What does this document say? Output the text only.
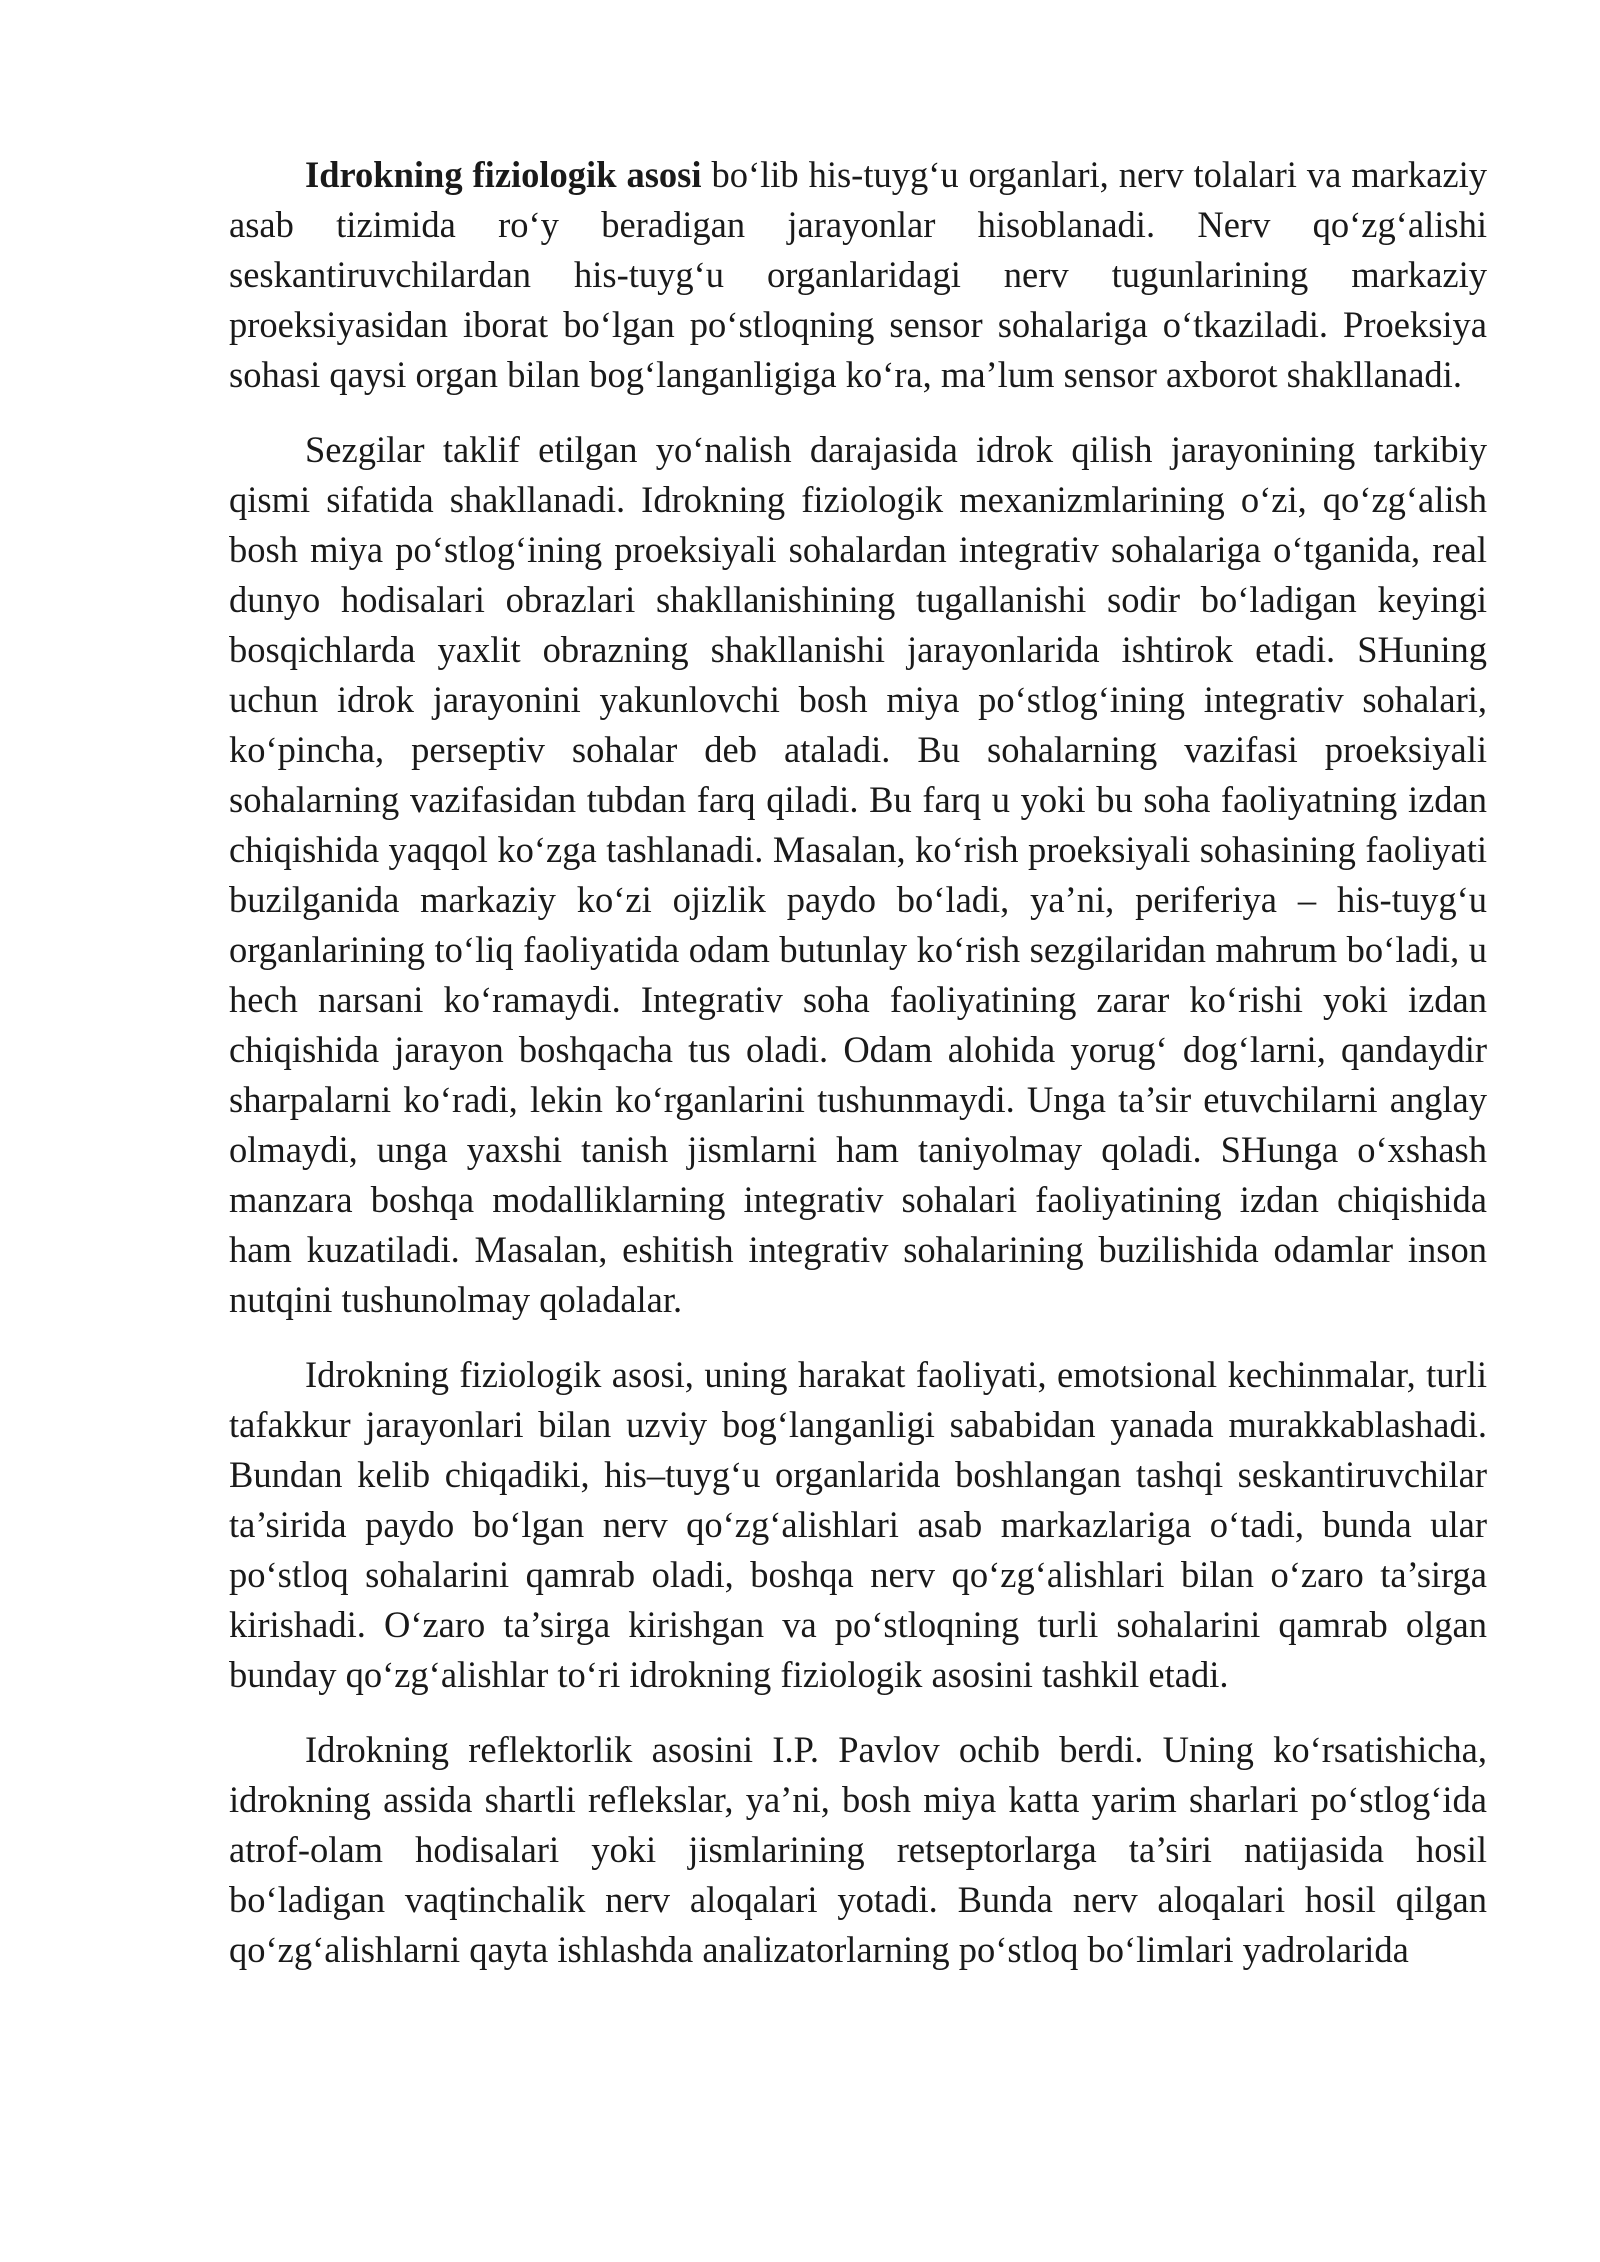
Idrokning fiziologik asosi bo‘lib his-tuyg‘u organlari, nerv tolalari va markaziy asab tizimida ro‘y beradigan jarayonlar hisoblanadi. Nerv qo‘zg‘alishi seskantiruvchilardan his-tuyg‘u organlaridagi nerv tugunlarining markaziy proeksiyasidan iborat bo‘lgan po‘stloqning sensor sohalariga o‘tkaziladi. Proeksiya sohasi qaysi organ bilan bog‘langanligiga ko‘ra, ma’lum sensor axborot shakllanadi.

Sezgilar taklif etilgan yo‘nalish darajasida idrok qilish jarayonining tarkibiy qismi sifatida shakllanadi. Idrokning fiziologik mexanizmlarining o‘zi, qo‘zg‘alish bosh miya po‘stlog‘ining proeksiyali sohalardan integrativ sohalariga o‘tganida, real dunyo hodisalari obrazlari shakllanishining tugallanishi sodir bo‘ladigan keyingi bosqichlarda yaxlit obrazning shakllanishi jarayonlarida ishtirok etadi. SHuning uchun idrok jarayonini yakunlovchi bosh miya po‘stlog‘ining integrativ sohalari, ko‘pincha, perseptiv sohalar deb ataladi. Bu sohalarning vazifasi proeksiyali sohalarning vazifasidan tubdan farq qiladi. Bu farq u yoki bu soha faoliyatning izdan chiqishida yaqqol ko‘zga tashlanadi. Masalan, ko‘rish proeksiyali sohasining faoliyati buzilganida markaziy ko‘zi ojizlik paydo bo‘ladi, ya’ni, periferiya – his-tuyg‘u organlarining to‘liq faoliyatida odam butunlay ko‘rish sezgilaridan mahrum bo‘ladi, u hech narsani ko‘ramaydi. Integrativ soha faoliyatining zarar ko‘rishi yoki izdan chiqishida jarayon boshqacha tus oladi. Odam alohida yorug‘ dog‘larni, qandaydir sharpalarni ko‘radi, lekin ko‘rganlarini tushunmaydi. Unga ta’sir etuvchilarni anglay olmaydi, unga yaxshi tanish jismlarni ham taniyolmay qoladi. SHunga o‘xshash manzara boshqa modalliklarning integrativ sohalari faoliyatining izdan chiqishida ham kuzatiladi. Masalan, eshitish integrativ sohalarining buzilishida odamlar inson nutqini tushunolmay qoladalar.

Idrokning fiziologik asosi, uning harakat faoliyati, emotsional kechinmalar, turli tafakkur jarayonlari bilan uzviy bog‘langanligi sababidan yanada murakkablashadi. Bundan kelib chiqadiki, his–tuyg‘u organlarida boshlangan tashqi seskantiruvchilar ta’sirida paydo bo‘lgan nerv qo‘zg‘alishlari asab markazlariga o‘tadi, bunda ular po‘stloq sohalarini qamrab oladi, boshqa nerv qo‘zg‘alishlari bilan o‘zaro ta’sirga kirishadi. O‘zaro ta’sirga kirishgan va po‘stloqning turli sohalarini qamrab olgan bunday qo‘zg‘alishlar to‘ri idrokning fiziologik asosini tashkil etadi.

Idrokning reflektorlik asosini I.P. Pavlov ochib berdi. Uning ko‘rsatishicha, idrokning assida shartli reflekslar, ya’ni, bosh miya katta yarim sharlari po‘stlog‘ida atrof-olam hodisalari yoki jismlarining retseptorlarga ta’siri natijasida hosil bo‘ladigan vaqtinchalik nerv aloqalari yotadi. Bunda nerv aloqalari hosil qilgan qo‘zg‘alishlarni qayta ishlashda analizatorlarning po‘stloq bo‘limlari yadrolarida
